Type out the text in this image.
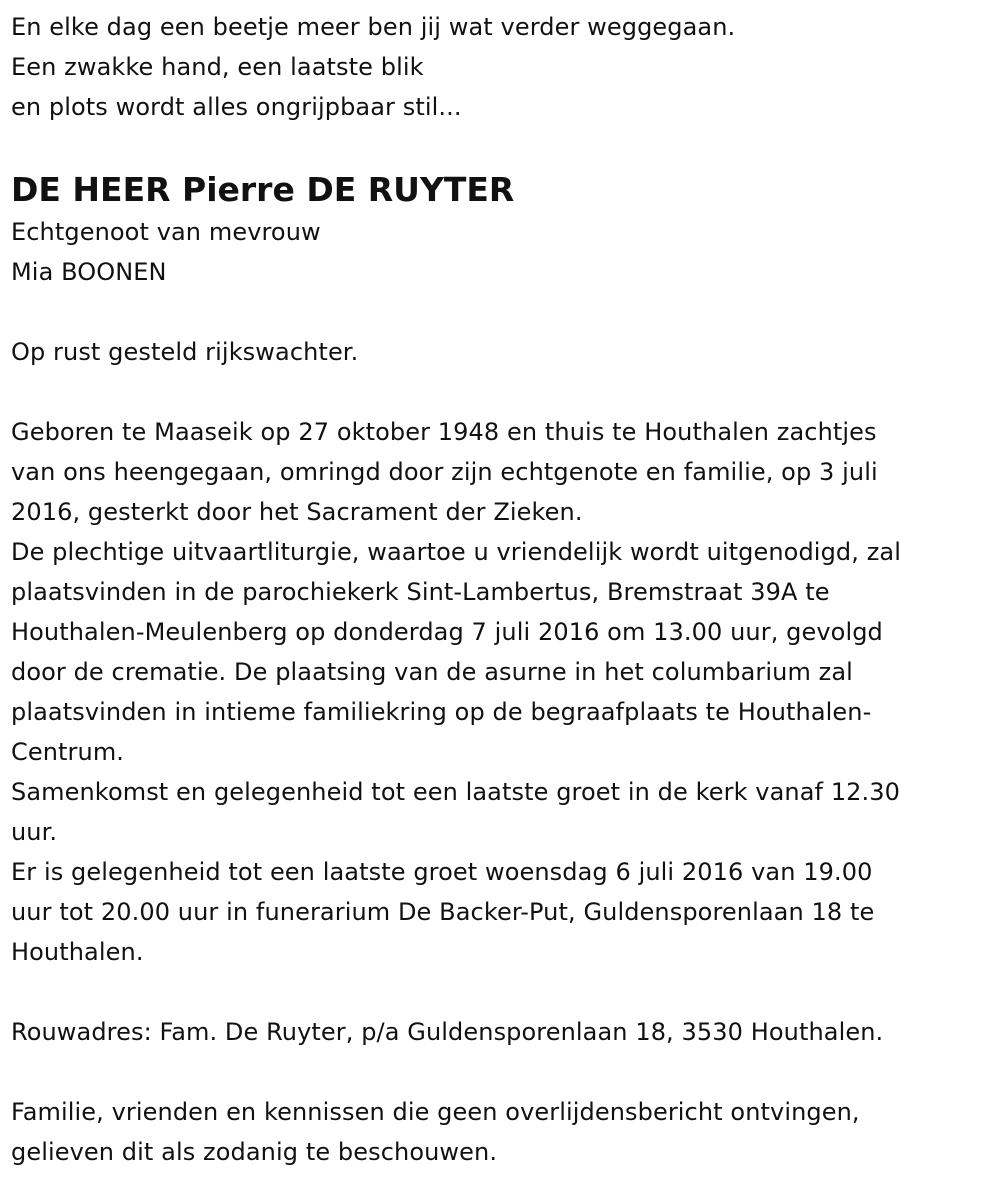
En elke dag een beetje meer ben jij wat verder weggegaan.

Een zwakke hand, een laatste blik

en plots wordt alles ongrijpbaar stil...

DE HEER Pierre DE RUYTER

Echtgenoot van mevrouw

Mia BOONEN

Op rust gesteld rijkswachter.

Geboren te Maaseik op 27 oktober 1948 en thuis te Houthalen zachtjes

van ons heengegaan, omringd door zijn echtgenote en familie, op 3 juli

2016, gesterkt door het Sacrament der Zieken.

De plechtige uitvaartliturgie, waartoe u vriendelijk wordt uitgenodigd, zal

plaatsvinden in de parochiekerk Sint-Lambertus, Bremstraat 39A te

Houthalen-Meulenberg op donderdag 7 juli 2016 om 13.00 uur, gevolgd

door de crematie. De plaatsing van de asurne in het columbarium zal

plaatsvinden in intieme familiekring op de begraafplaats te Houthalen-

Centrum.

Samenkomst en gelegenheid tot een laatste groet in de kerk vanaf 12.30

uur.

Er is gelegenheid tot een laatste groet woensdag 6 juli 2016 van 19.00

uur tot 20.00 uur in funerarium De Backer-Put, Guldensporenlaan 18 te

Houthalen.

Rouwadres: Fam. De Ruyter, p/a Guldensporenlaan 18, 3530 Houthalen.

Familie, vrienden en kennissen die geen overlijdensbericht ontvingen,

gelieven dit als zodanig te beschouwen.
